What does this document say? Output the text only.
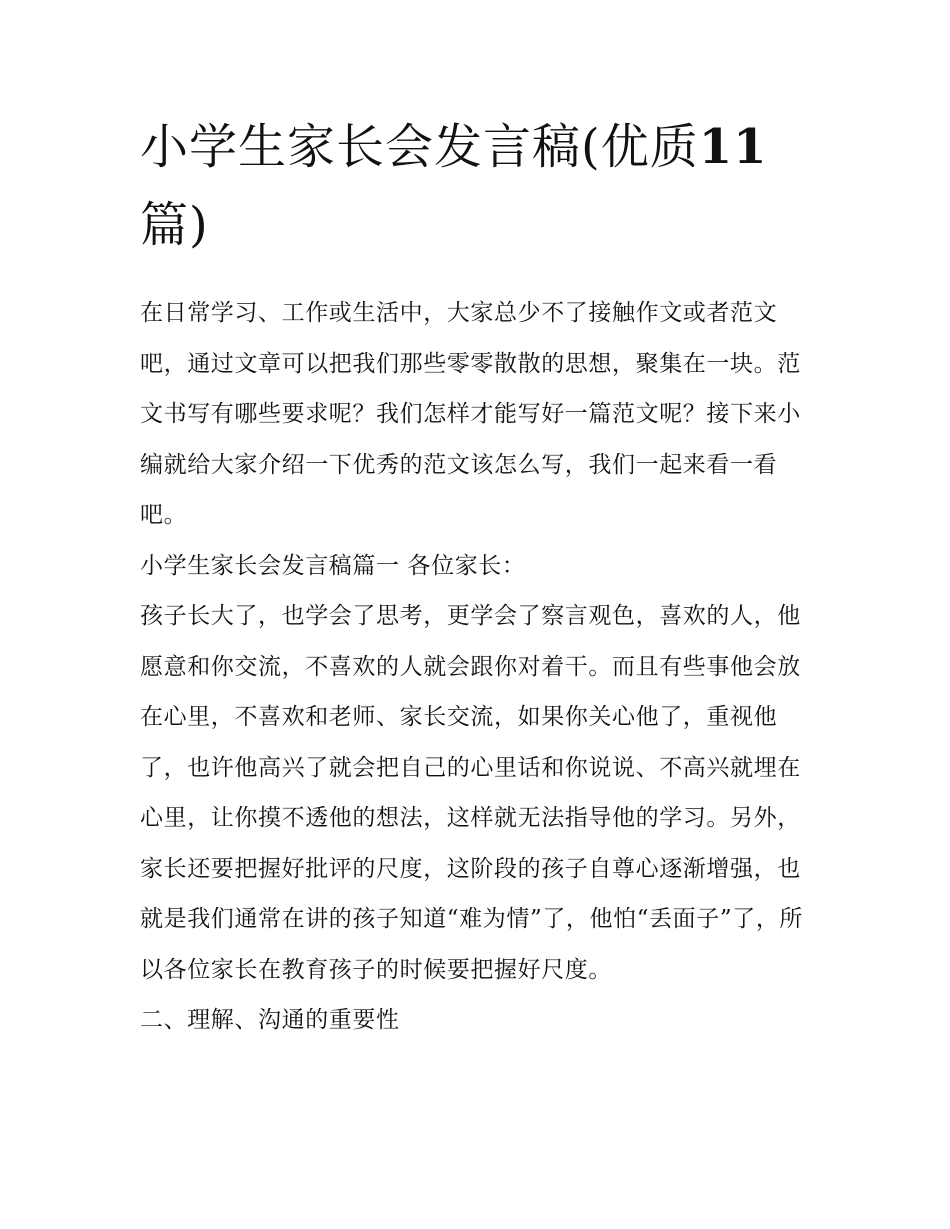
小学生家长会发言稿(优质11
篇)

在日常学习、工作或生活中，大家总少不了接触作文或者范文吧，通过文章可以把我们那些零零散散的思想，聚集在一块。范文书写有哪些要求呢？我们怎样才能写好一篇范文呢？接下来小编就给大家介绍一下优秀的范文该怎么写，我们一起来看一看吧。

小学生家长会发言稿篇一 各位家长：

孩子长大了，也学会了思考，更学会了察言观色，喜欢的人，他愿意和你交流，不喜欢的人就会跟你对着干。而且有些事他会放在心里，不喜欢和老师、家长交流，如果你关心他了，重视他了，也许他高兴了就会把自己的心里话和你说说、不高兴就埋在心里，让你摸不透他的想法，这样就无法指导他的学习。另外，家长还要把握好批评的尺度，这阶段的孩子自尊心逐渐增强，也就是我们通常在讲的孩子知道“难为情”了，他怕“丢面子”了，所以各位家长在教育孩子的时候要把握好尺度。

二、理解、沟通的重要性
